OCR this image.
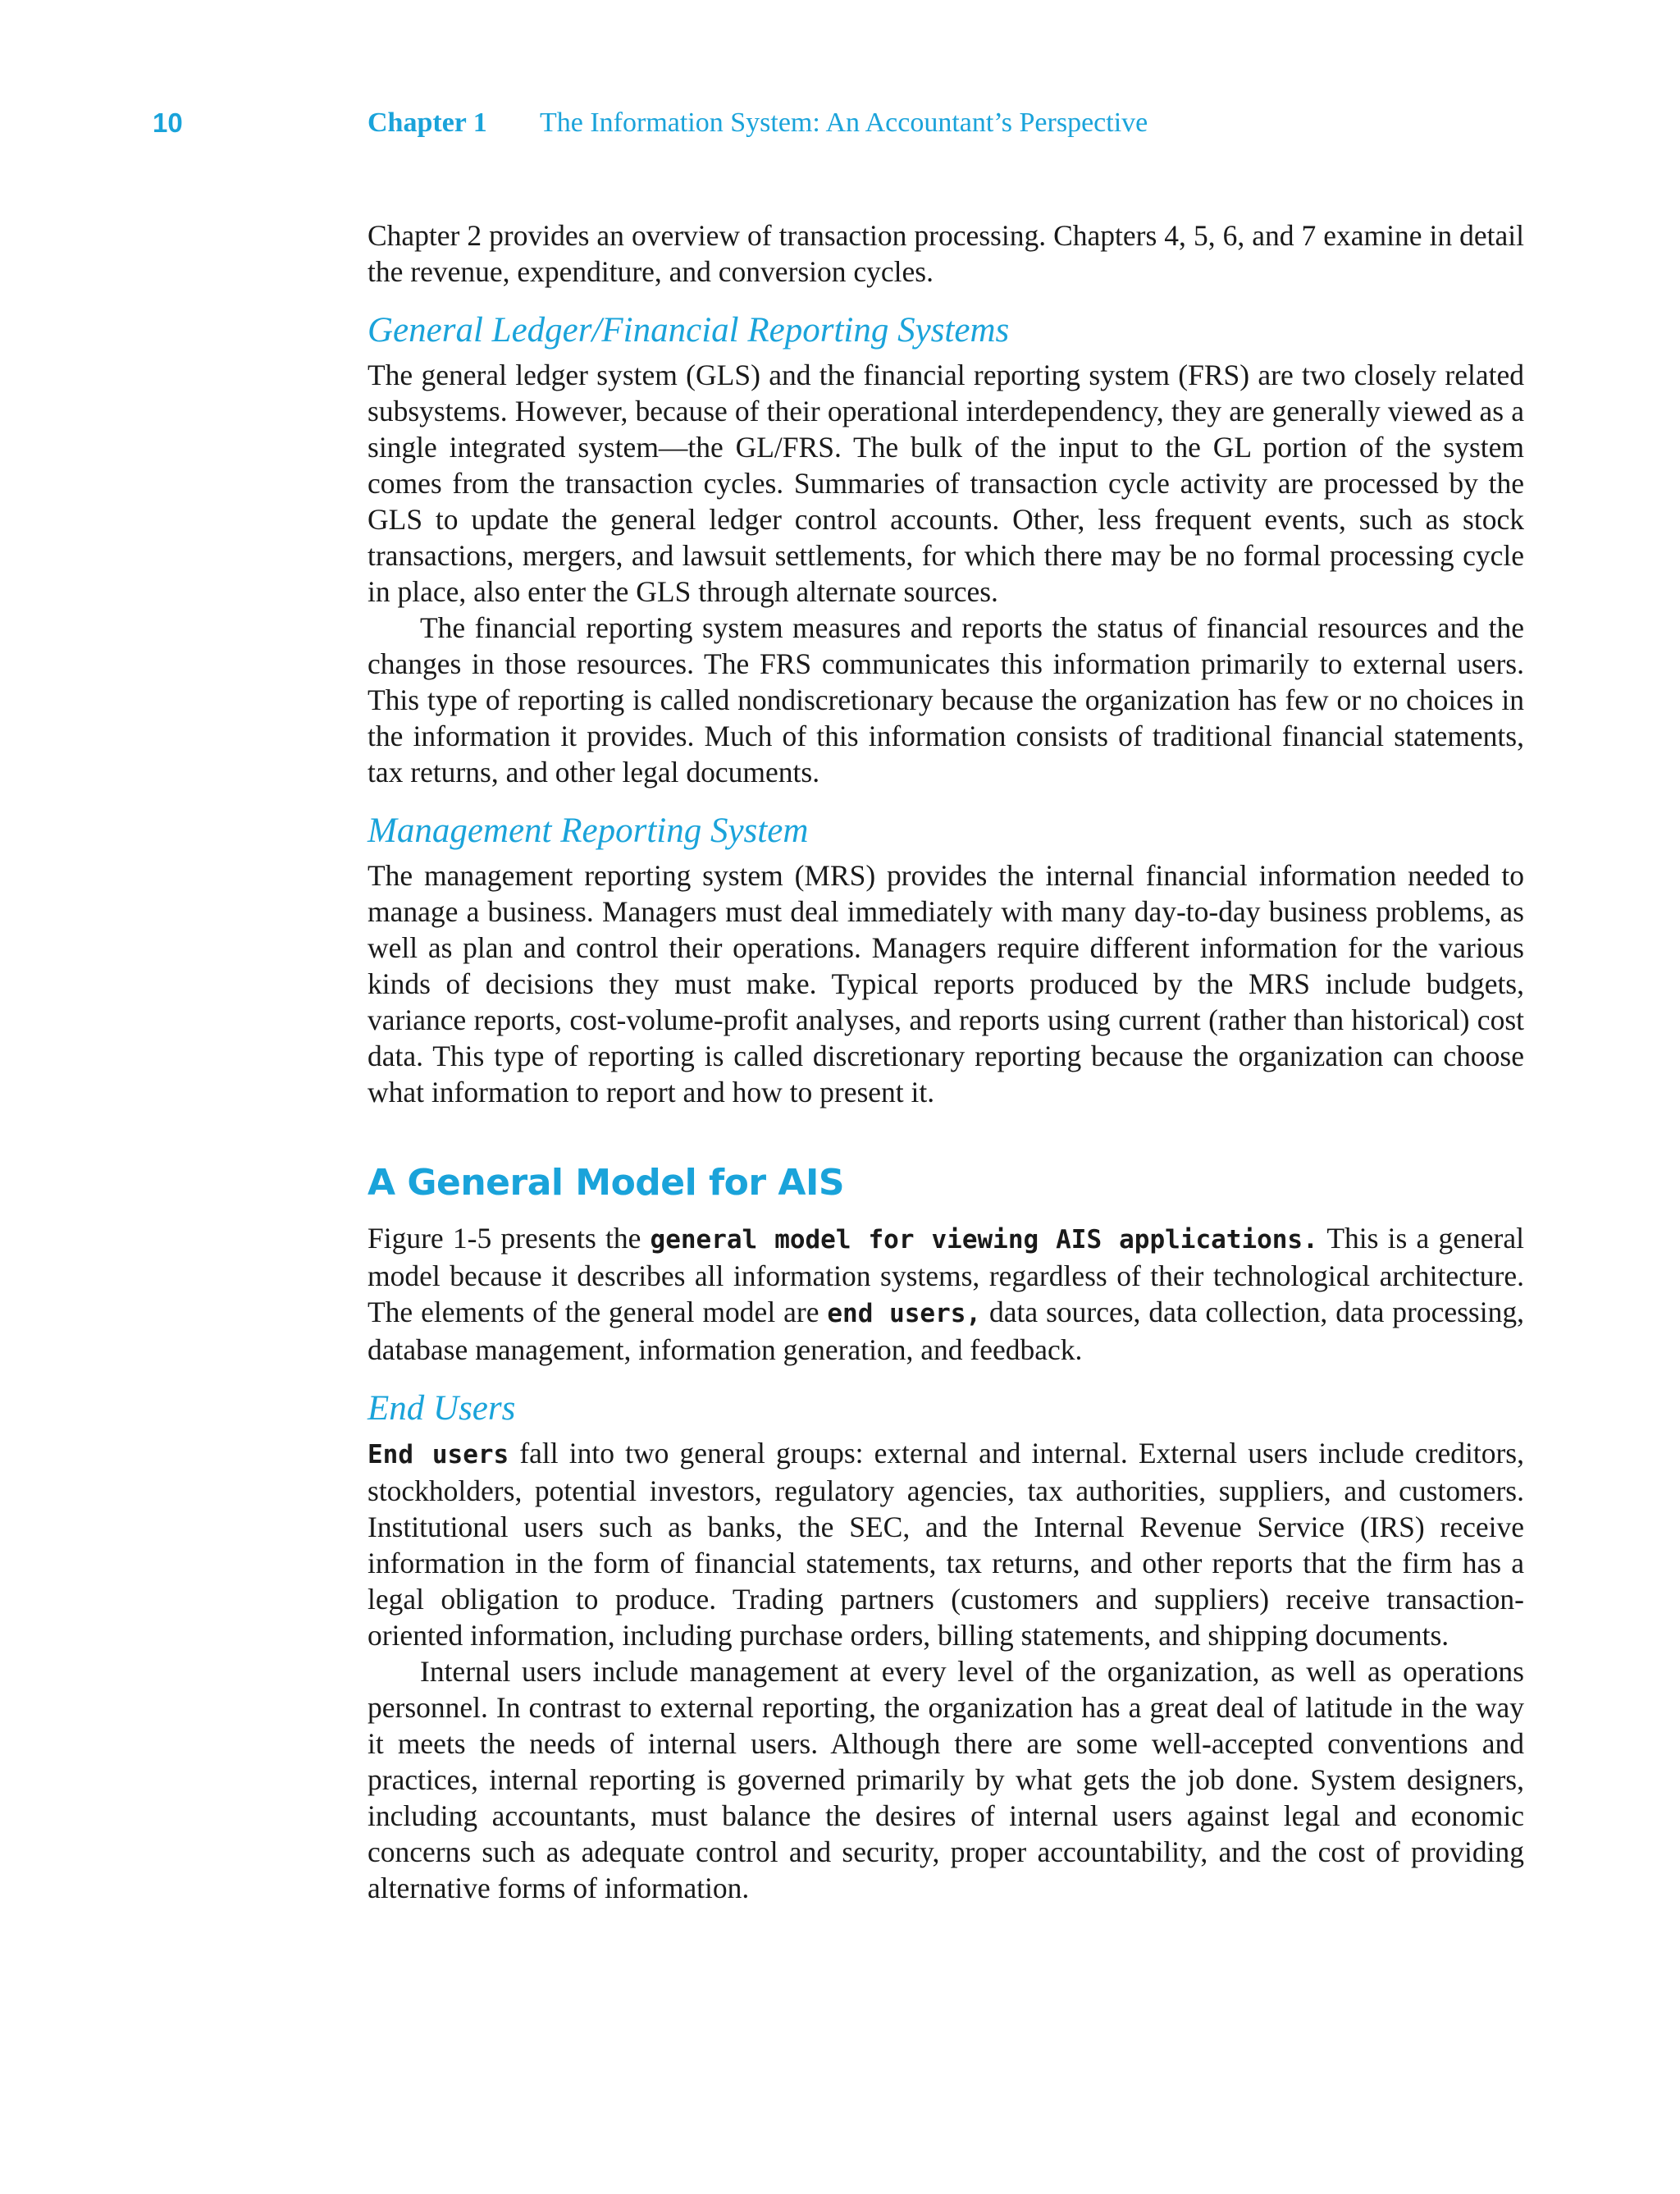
10	Chapter 1 The Information System: An Accountant’s Perspective

Chapter 2 provides an overview of transaction processing. Chapters 4, 5, 6, and 7 examine in detail the revenue, expenditure, and conversion cycles.

General Ledger/Financial Reporting Systems

The general ledger system (GLS) and the financial reporting system (FRS) are two closely related subsystems. However, because of their operational interdependency, they are generally viewed as a single integrated system—the GL/FRS. The bulk of the input to the GL portion of the system comes from the transaction cycles. Summaries of transaction cycle activity are processed by the GLS to update the general ledger control accounts. Other, less frequent events, such as stock transactions, mergers, and lawsuit settlements, for which there may be no formal processing cycle in place, also enter the GLS through alternate sources.

The financial reporting system measures and reports the status of financial resources and the changes in those resources. The FRS communicates this information primarily to external users. This type of reporting is called nondiscretionary because the organization has few or no choices in the information it provides. Much of this information consists of traditional financial statements, tax returns, and other legal documents.

Management Reporting System

The management reporting system (MRS) provides the internal financial information needed to manage a business. Managers must deal immediately with many day-to-day business problems, as well as plan and control their operations. Managers require different information for the various kinds of decisions they must make. Typical reports produced by the MRS include budgets, variance reports, cost-volume-profit analyses, and reports using current (rather than historical) cost data. This type of reporting is called discretionary reporting because the organization can choose what information to report and how to present it.

A General Model for AIS

Figure 1-5 presents the general model for viewing AIS applications. This is a general model because it describes all information systems, regardless of their technological architecture. The elements of the general model are end users, data sources, data collection, data processing, database management, information generation, and feedback.

End Users

End users fall into two general groups: external and internal. External users include creditors, stockholders, potential investors, regulatory agencies, tax authorities, suppliers, and customers. Institutional users such as banks, the SEC, and the Internal Revenue Service (IRS) receive information in the form of financial statements, tax returns, and other reports that the firm has a legal obligation to produce. Trading partners (customers and suppliers) receive transaction-oriented information, including purchase orders, billing statements, and shipping documents.

Internal users include management at every level of the organization, as well as operations personnel. In contrast to external reporting, the organization has a great deal of latitude in the way it meets the needs of internal users. Although there are some well-accepted conventions and practices, internal reporting is governed primarily by what gets the job done. System designers, including accountants, must balance the desires of internal users against legal and economic concerns such as adequate control and security, proper accountability, and the cost of providing alternative forms of information.
